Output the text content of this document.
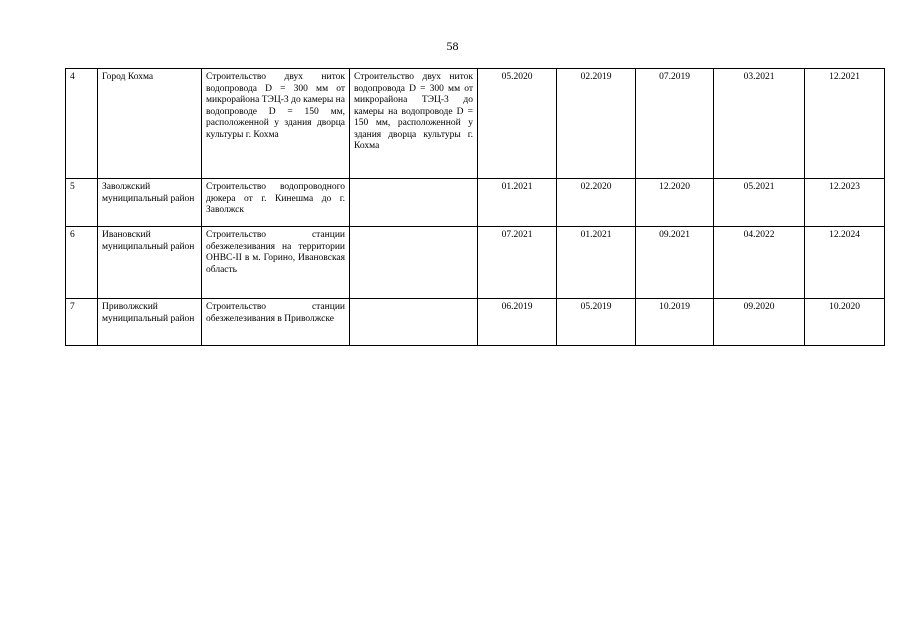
58
4	Город Кохма	Строительство двух ниток водопровода D = 300 мм от микрорайона ТЭЦ-3 до камеры на водопроводе D = 150 мм, расположенной у здания дворца культуры г. Кохма	Строительство двух ниток водопровода D = 300 мм от микрорайона ТЭЦ-3 до камеры на водопроводе D = 150 мм, расположенной у здания дворца культуры г. Кохма	05.2020	02.2019	07.2019	03.2021	12.2021
5	Заволжский муниципальный район	Строительство водопроводного дюкера от г. Кинешма до г. Заволжск		01.2021	02.2020	12.2020	05.2021	12.2023
6	Ивановский муниципальный район	Строительство станции обезжелезивания на территории ОНВС-II в м. Горино, Ивановская область		07.2021	01.2021	09.2021	04.2022	12.2024
7	Приволжский муниципальный район	Строительство станции обезжелезивания в Приволжске		06.2019	05.2019	10.2019	09.2020	10.2020
